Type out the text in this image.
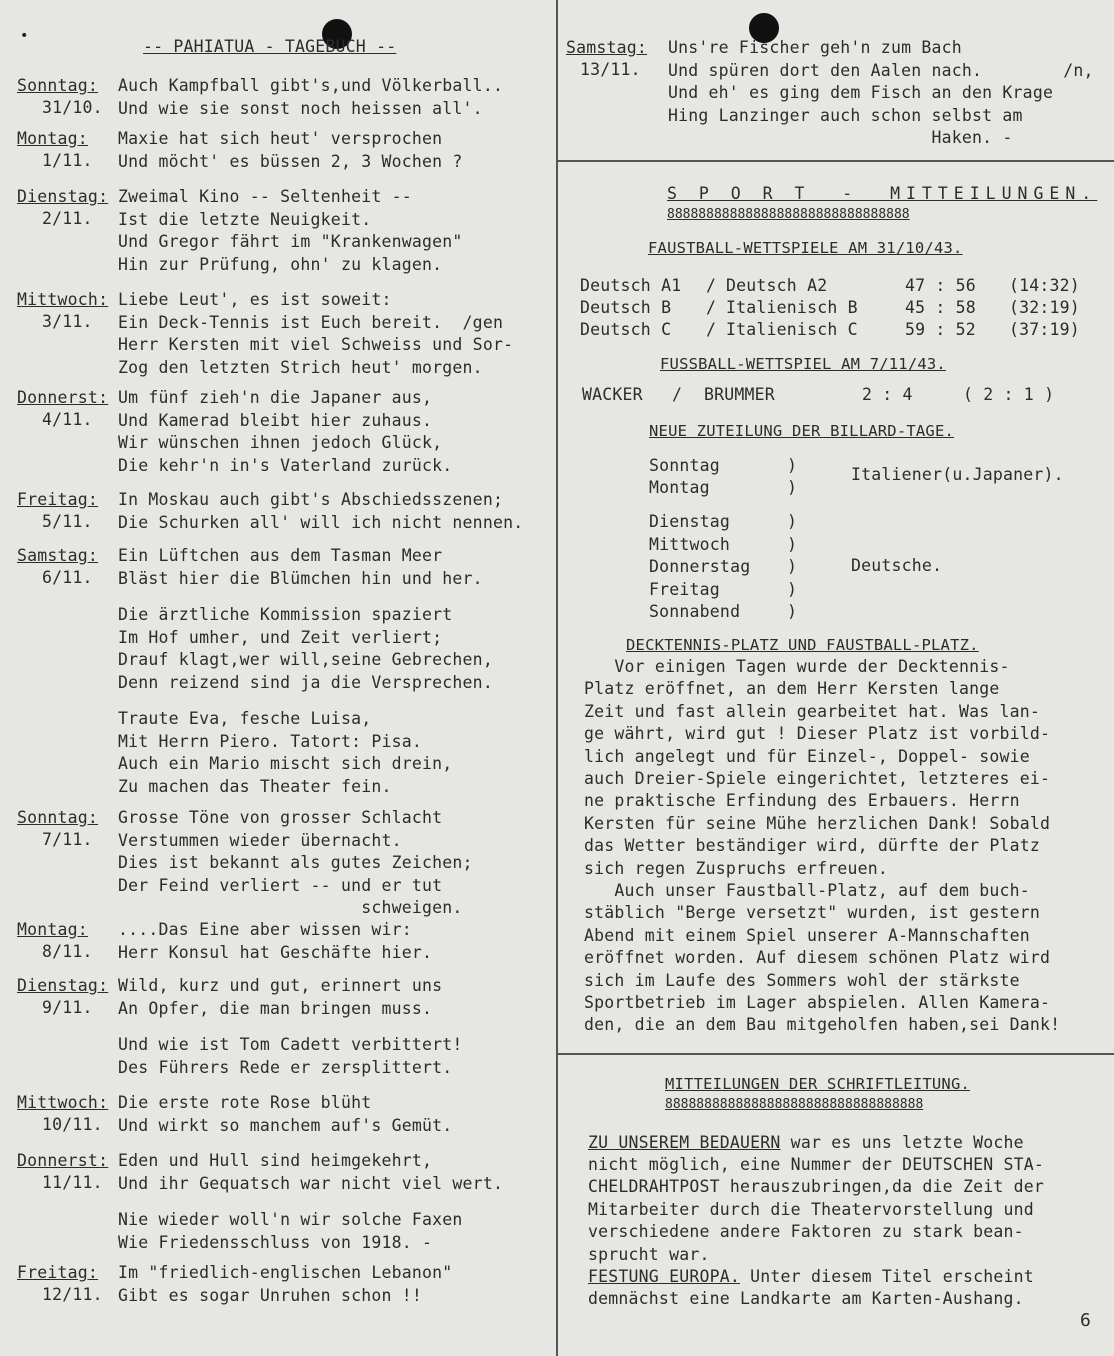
•
-- PAHIATUA - TAGEBUCH --
Sonntag:
31/10.
Auch Kampfball gibt's,und Völkerball..
Und wie sie sonst noch heissen all'.
Montag:
1/11.
Maxie hat sich heut' versprochen
Und möcht' es büssen 2, 3 Wochen ?
Dienstag:
2/11.
Zweimal Kino -- Seltenheit --
Ist die letzte Neuigkeit.
Und Gregor fährt im "Krankenwagen"
Hin zur Prüfung, ohn' zu klagen.
Mittwoch:
3/11.
Liebe Leut', es ist soweit:
Ein Deck-Tennis ist Euch bereit.  /gen
Herr Kersten mit viel Schweiss und Sor-
Zog den letzten Strich heut' morgen.
Donnerst:
4/11.
Um fünf zieh'n die Japaner aus,
Und Kamerad bleibt hier zuhaus.
Wir wünschen ihnen jedoch Glück,
Die kehr'n in's Vaterland zurück.
Freitag:
5/11.
In Moskau auch gibt's Abschiedsszenen;
Die Schurken all' will ich nicht nennen.
Samstag:
6/11.
Ein Lüftchen aus dem Tasman Meer
Bläst hier die Blümchen hin und her.
Die ärztliche Kommission spaziert
Im Hof umher, und Zeit verliert;
Drauf klagt,wer will,seine Gebrechen,
Denn reizend sind ja die Versprechen.
Traute Eva, fesche Luisa,
Mit Herrn Piero. Tatort: Pisa.
Auch ein Mario mischt sich drein,
Zu machen das Theater fein.
Sonntag:
7/11.
Grosse Töne von grosser Schlacht
Verstummen wieder übernacht.
Dies ist bekannt als gutes Zeichen;
Der Feind verliert -- und er tut
schweigen.
Montag:
8/11.
....Das Eine aber wissen wir:
Herr Konsul hat Geschäfte hier.
Dienstag:
9/11.
Wild, kurz und gut, erinnert uns
An Opfer, die man bringen muss.
Und wie ist Tom Cadett verbittert!
Des Führers Rede er zersplittert.
Mittwoch:
10/11.
Die erste rote Rose blüht
Und wirkt so manchem auf's Gemüt.
Donnerst:
11/11.
Eden und Hull sind heimgekehrt,
Und ihr Gequatsch war nicht viel wert.
Nie wieder woll'n wir solche Faxen
Wie Friedensschluss von 1918. -
Freitag:
12/11.
Im "friedlich-englischen Lebanon"
Gibt es sogar Unruhen schon !!
Samstag:
13/11.
Uns're Fischer geh'n zum Bach
Und spüren dort den Aalen nach.        /n,
Und eh' es ging dem Fisch an den Krage
Hing Lanzinger auch schon selbst am
Haken. -
S P O R T  -  MITTEILUNGEN.
8888888888888888888888888888888
FAUSTBALL-WETTSPIELE AM 31/10/43.
Deutsch A1 / Deutsch A2	47 : 56 (14:32)
Deutsch B / Italienisch B	45 : 58 (32:19)
Deutsch C / Italienisch C	59 : 52 (37:19)
FUSSBALL-WETTSPIEL AM 7/11/43.
WACKER / BRUMMER	2 : 4	( 2 : 1 )
NEUE ZUTEILUNG DER BILLARD-TAGE.
Sonntag	)
Montag	)
Italiener(u.Japaner).
Dienstag	)
Mittwoch	)
Donnerstag )
Freitag	)
Sonnabend	)
Deutsche.
DECKTENNIS-PLATZ UND FAUSTBALL-PLATZ.
Vor einigen Tagen wurde der Decktennis-
Platz eröffnet, an dem Herr Kersten lange
Zeit und fast allein gearbeitet hat. Was lan-
ge währt, wird gut ! Dieser Platz ist vorbild-
lich angelegt und für Einzel-, Doppel- sowie
auch Dreier-Spiele eingerichtet, letzteres ei-
ne praktische Erfindung des Erbauers. Herrn
Kersten für seine Mühe herzlichen Dank! Sobald
das Wetter beständiger wird, dürfte der Platz
sich regen Zuspruchs erfreuen.
Auch unser Faustball-Platz, auf dem buch-
stäblich "Berge versetzt" wurden, ist gestern
Abend mit einem Spiel unserer A-Mannschaften
eröffnet worden. Auf diesem schönen Platz wird
sich im Laufe des Sommers wohl der stärkste
Sportbetrieb im Lager abspielen. Allen Kamera-
den, die an dem Bau mitgeholfen haben,sei Dank!
MITTEILUNGEN DER SCHRIFTLEITUNG.
888888888888888888888888888888888
ZU UNSEREM BEDAUERN war es uns letzte Woche
nicht möglich, eine Nummer der DEUTSCHEN STA-
CHELDRAHTPOST herauszubringen,da die Zeit der
Mitarbeiter durch die Theatervorstellung und
verschiedene andere Faktoren zu stark bean-
sprucht war.
FESTUNG EUROPA. Unter diesem Titel erscheint
demnächst eine Landkarte am Karten-Aushang.
6
